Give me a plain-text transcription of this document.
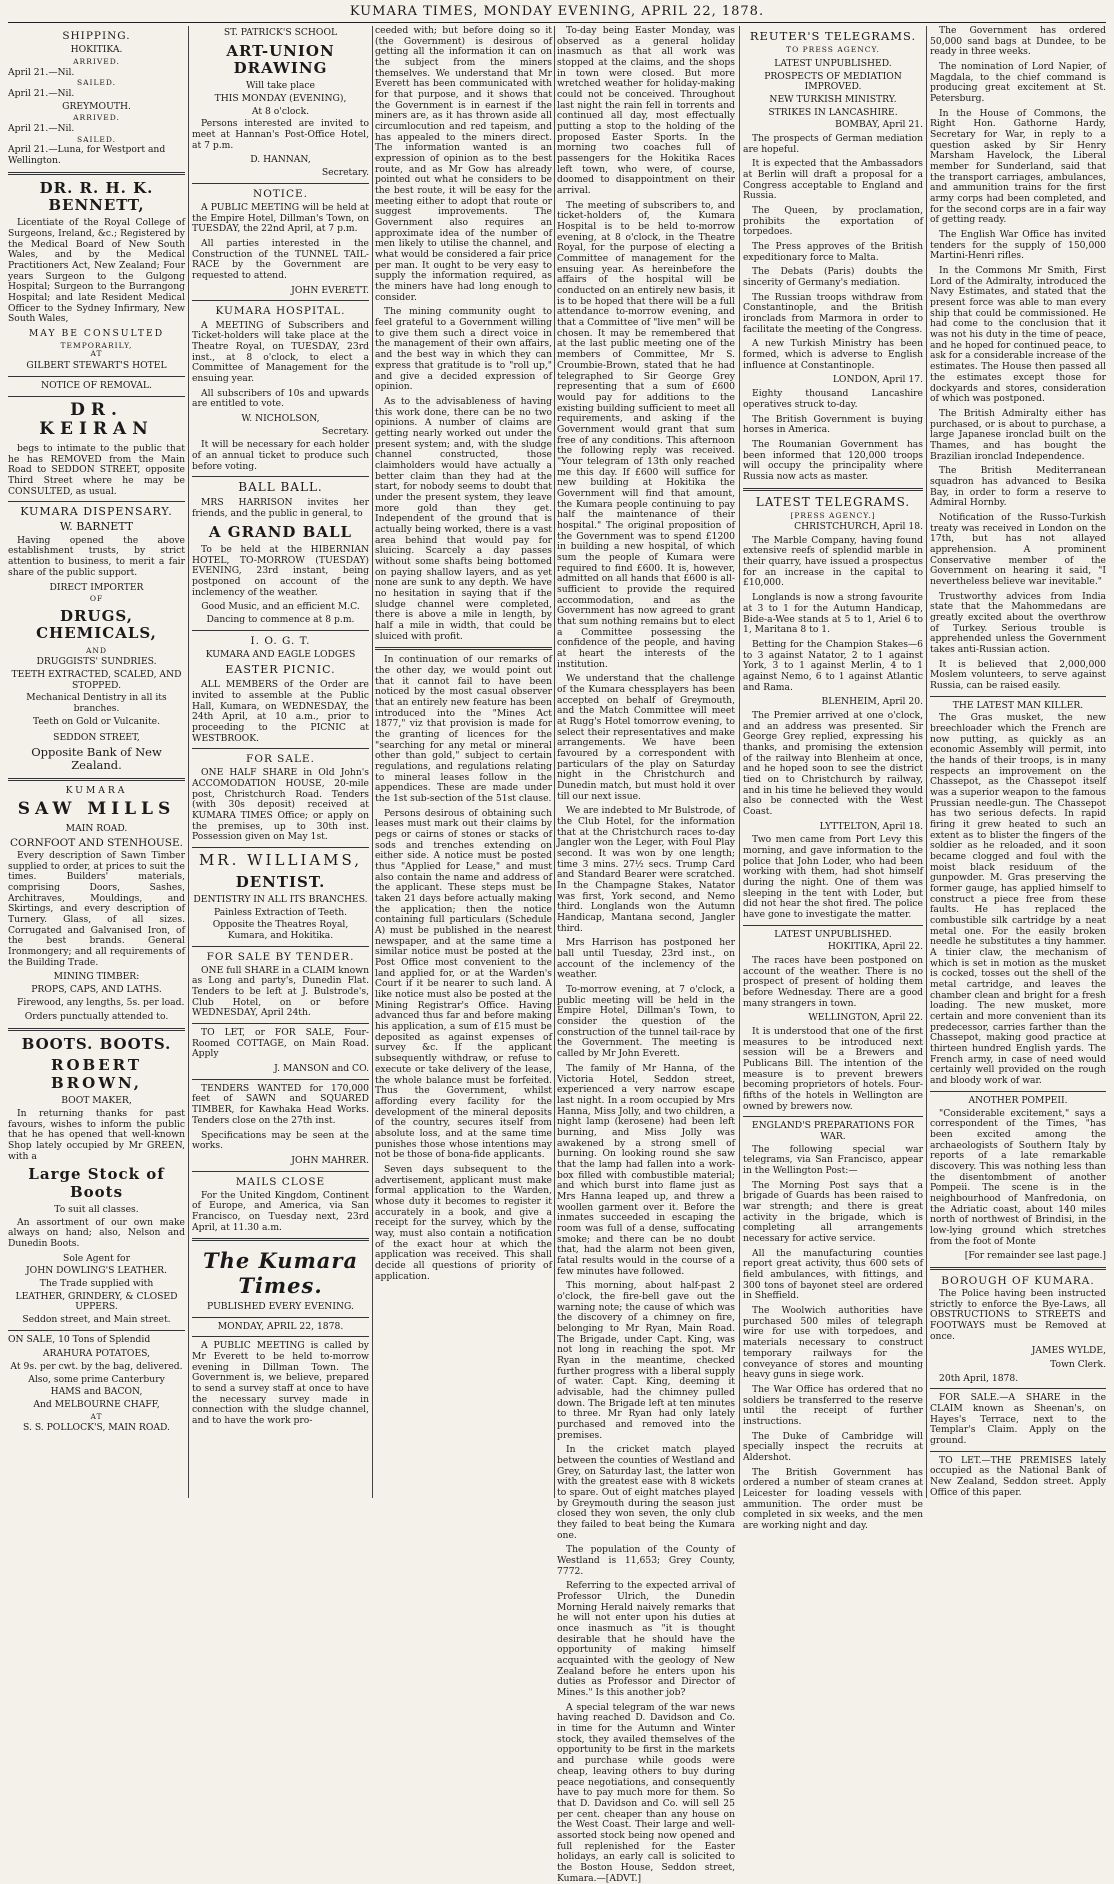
KUMARA TIMES, MONDAY EVENING, APRIL 22, 1878.
SHIPPING.
HOKITIKA.
ARRIVED.
April 21.—Nil.
SAILED.
April 21.—Nil.
GREYMOUTH.
ARRIVED.
April 21.—Nil.
SAILED.
April 21.—Luna, for Westport and Wellington.
DR. R. H. K. BENNETT,

Licentiate of the Royal College of Surgeons, Ireland, &c.; Registered by the Medical Board of New South Wales, and by the Medical Practitioners Act, New Zealand; Four years Surgeon to the Gulgong Hospital; Surgeon to the Burrangong Hospital; and late Resident Medical Officer to the Sydney Infirmary, New South Wales,

MAY BE CONSULTED
TEMPORARILY,
AT
GILBERT STEWART'S HOTEL
NOTICE OF REMOVAL.
DR. KEIRAN

begs to intimate to the public that he has REMOVED from the Main Road to SEDDON STREET, opposite Third Street where he may be CONSULTED, as usual.

KUMARA DISPENSARY.
W. BARNETT

Having opened the above establishment trusts, by strict attention to business, to merit a fair share of the public support.

DIRECT IMPORTER
OF
DRUGS, CHEMICALS,
AND
DRUGGISTS' SUNDRIES.
TEETH EXTRACTED, SCALED, AND STOPPED.
Mechanical Dentistry in all its branches.
Teeth on Gold or Vulcanite.
SEDDON STREET,
Opposite Bank of New Zealand.
KUMARA
SAW MILLS
MAIN ROAD.
CORNFOOT AND STENHOUSE.

Every description of Sawn Timber supplied to order, at prices to suit the times. Builders' materials, comprising Doors, Sashes, Architraves, Mouldings, and Skirtings, and every description of Turnery. Glass, of all sizes. Corrugated and Galvanised Iron, of the best brands. General Ironmongery; and all requirements of the Building Trade.

MINING TIMBER:
PROPS, CAPS, AND LATHS.

Firewood, any lengths, 5s. per load.

Orders punctually attended to.
BOOTS. BOOTS.
ROBERT BROWN,
BOOT MAKER,

In returning thanks for past favours, wishes to inform the public that he has opened that well-known Shop lately occupied by Mr GREEN, with a

Large Stock of Boots
To suit all classes.

An assortment of our own make always on hand; also, Nelson and Dunedin Boots.

Sole Agent for
JOHN DOWLING'S LEATHER.
The Trade supplied with
LEATHER, GRINDERY, & CLOSED UPPERS.
Seddon street, and Main street.

ON SALE, 10 Tons of Splendid

ARAHURA POTATOES,
At 9s. per cwt. by the bag, delivered.
Also, some prime Canterbury
HAMS and BACON,
And MELBOURNE CHAFF,
AT
S. S. POLLOCK'S, MAIN ROAD.
ST. PATRICK'S SCHOOL
ART-UNION DRAWING
Will take place
THIS MONDAY (EVENING),
At 8 o'clock.

Persons interested are invited to meet at Hannan's Post-Office Hotel, at 7 p.m.

D. HANNAN,
Secretary.
NOTICE.

A PUBLIC MEETING will be held at the Empire Hotel, Dillman's Town, on TUESDAY, the 22nd April, at 7 p.m.

All parties interested in the Construction of the TUNNEL TAIL-RACE by the Government are requested to attend.

JOHN EVERETT.
KUMARA HOSPITAL.

A MEETING of Subscribers and Ticket-holders will take place at the Theatre Royal, on TUESDAY, 23rd inst., at 8 o'clock, to elect a Committee of Management for the ensuing year.

All subscribers of 10s and upwards are entitled to vote.

W. NICHOLSON,
Secretary.

It will be necessary for each holder of an annual ticket to produce such before voting.

BALL BALL.

MRS HARRISON invites her friends, and the public in general, to

A GRAND BALL

To be held at the HIBERNIAN HOTEL, TO-MORROW (TUESDAY) EVENING, 23rd instant, being postponed on account of the inclemency of the weather.

Good Music, and an efficient M.C.
Dancing to commence at 8 p.m.
I. O. G. T.
KUMARA AND EAGLE LODGES
EASTER PICNIC.

ALL MEMBERS of the Order are invited to assemble at the Public Hall, Kumara, on WEDNESDAY, the 24th April, at 10 a.m., prior to proceeding to the PICNIC at WESTBROOK.

FOR SALE.

ONE HALF SHARE in Old John's ACCOMODATION HOUSE, 20-mile post, Christchurch Road. Tenders (with 30s deposit) received at KUMARA TIMES Office; or apply on the premises, up to 30th inst. Possession given on May 1st.

MR. WILLIAMS,
DENTIST.
DENTISTRY IN ALL ITS BRANCHES.
Painless Extraction of Teeth.
Opposite the Theatres Royal, Kumara, and Hokitika.
FOR SALE BY TENDER.

ONE full SHARE in a CLAIM known as Long and party's, Dunedin Flat. Tenders to be left at J. Bulstrode's, Club Hotel, on or before WEDNESDAY, April 24th.

TO LET, or FOR SALE, Four-Roomed COTTAGE, on Main Road. Apply

J. MANSON and CO.

TENDERS WANTED for 170,000 feet of SAWN and SQUARED TIMBER, for Kawhaka Head Works. Tenders close on the 27th inst.

Specifications may be seen at the works.

JOHN MAHRER.
MAILS CLOSE

For the United Kingdom, Continent of Europe, and America, via San Francisco, on Tuesday next, 23rd April, at 11.30 a.m.

The Kumara Times.
PUBLISHED EVERY EVENING.
MONDAY, APRIL 22, 1878.

A PUBLIC MEETING is called by Mr Everett to be held to-morrow evening in Dillman Town. The Government is, we believe, prepared to send a survey staff at once to have the necessary survey made in connection with the sludge channel, and to have the work pro-

ceeded with; but before doing so it (the Government) is desirous of getting all the information it can on the subject from the miners themselves. We understand that Mr Everett has been communicated with for that purpose, and it shows that the Government is in earnest if the miners are, as it has thrown aside all circumlocution and red tapeism, and has appealed to the miners direct. The information wanted is an expression of opinion as to the best route, and as Mr Gow has already pointed out what he considers to be the best route, it will be easy for the meeting either to adopt that route or suggest improvements. The Government also requires an approximate idea of the number of men likely to utilise the channel, and what would be considered a fair price per man. It ought to be very easy to supply the information required, as the miners have had long enough to consider.

The mining community ought to feel grateful to a Government willing to give them such a direct voice in the management of their own affairs, and the best way in which they can express that gratitude is to "roll up," and give a decided expression of opinion.

As to the advisableness of having this work done, there can be no two opinions. A number of claims are getting nearly worked out under the present system; and, with the sludge channel constructed, those claimholders would have actually a better claim than they had at the start, for nobody seems to doubt that under the present system, they leave more gold than they get. Independent of the ground that is actually being worked, there is a vast area behind that would pay for sluicing. Scarcely a day passes without some shafts being bottomed on paying shallow layers, and as yet none are sunk to any depth. We have no hesitation in saying that if the sludge channel were completed, there is above a mile in length, by half a mile in width, that could be sluiced with profit.

In continuation of our remarks of the other day, we would point out that it cannot fail to have been noticed by the most casual observer that an entirely new feature has been introduced into the "Mines Act 1877," viz that provision is made for the granting of licences for the "searching for any metal or mineral other than gold," subject to certain regulations, and regulations relating to mineral leases follow in the appendices. These are made under the 1st sub-section of the 51st clause.

Persons desirous of obtaining such leases must mark out their claims by pegs or cairns of stones or stacks of sods and trenches extending on either side. A notice must be posted thus "Applied for Lease," and must also contain the name and address of the applicant. These steps must be taken 21 days before actually making the application; then the notice containing full particulars (Schedule A) must be published in the nearest newspaper, and at the same time a similar notice must be posted at the Post Office most convenient to the land applied for, or at the Warden's Court if it be nearer to such land. A like notice must also be posted at the Mining Registrar's Office. Having advanced thus far and before making his application, a sum of £15 must be deposited as against expenses of survey &c. If the applicant subsequently withdraw, or refuse to execute or take delivery of the lease, the whole balance must be forfeited. Thus the Government, whilst affording every facility for the development of the mineral deposits of the country, secures itself from absolute loss, and at the same time punishes those whose intentions may not be those of bona-fide applicants.

Seven days subsequent to the advertisement, applicant must make formal application to the Warden, whose duty it becomes to register it accurately in a book, and give a receipt for the survey, which by the way, must also contain a notification of the exact hour at which the application was received. This shall decide all questions of priority of application.

To-day being Easter Monday, was observed as a general holiday inasmuch as that all work was stopped at the claims, and the shops in town were closed. But more wretched weather for holiday-making could not be conceived. Throughout last night the rain fell in torrents and continued all day, most effectually putting a stop to the holding of the proposed Easter Sports. In the morning two coaches full of passengers for the Hokitika Races left town, who were, of course, doomed to disappointment on their arrival.

The meeting of subscribers to, and ticket-holders of, the Kumara Hospital is to be held to-morrow evening, at 8 o'clock, in the Theatre Royal, for the purpose of electing a Committee of management for the ensuing year. As hereinbefore the affairs of the hospital will be conducted on an entirely new basis, it is to be hoped that there will be a full attendance to-morrow evening, and that a Committee of "live men" will be chosen. It may be remembered that at the last public meeting one of the members of Committee, Mr S. Croumbie-Brown, stated that he had telegraphed to Sir George Grey representing that a sum of £600 would pay for additions to the existing building sufficient to meet all requirements, and asking if the Government would grant that sum free of any conditions. This afternoon the following reply was received. "Your telegram of 13th only reached me this day. If £600 will suffice for new building at Hokitika the Government will find that amount, the Kumara people continuing to pay half the maintenance of their hospital." The original proposition of the Government was to spend £1200 in building a new hospital, of which sum the people of Kumara were required to find £600. It is, however, admitted on all hands that £600 is all-sufficient to provide the required accommodation, and as the Government has now agreed to grant that sum nothing remains but to elect a Committee possessing the confidence of the people, and having at heart the interests of the institution.

We understand that the challenge of the Kumara chessplayers has been accepted on behalf of Greymouth, and the Match Committee will meet at Rugg's Hotel tomorrow evening, to select their representatives and make arrangements. We have been favoured by a correspondent with particulars of the play on Saturday night in the Christchurch and Dunedin match, but must hold it over till our next issue.

We are indebted to Mr Bulstrode, of the Club Hotel, for the information that at the Christchurch races to-day Jangler won the Leger, with Foul Play second. It was won by one length; time 3 mins. 27½ secs. Trump Card and Standard Bearer were scratched. In the Champagne Stakes, Natator was first, York second, and Nemo third. Longlands won the Autumn Handicap, Mantana second, Jangler third.

Mrs Harrison has postponed her ball until Tuesday, 23rd inst., on account of the inclemency of the weather.

To-morrow evening, at 7 o'clock, a public meeting will be held in the Empire Hotel, Dillman's Town, to consider the question of the construction of the tunnel tail-race by the Government. The meeting is called by Mr John Everett.

The family of Mr Hanna, of the Victoria Hotel, Seddon street, experienced a very narrow escape last night. In a room occupied by Mrs Hanna, Miss Jolly, and two children, a night lamp (kerosene) had been left burning, and Miss Jolly was awakened by a strong smell of burning. On looking round she saw that the lamp had fallen into a work-box filled with combustible material; and which burst into flame just as Mrs Hanna leaped up, and threw a woollen garment over it. Before the inmates succeeded in escaping the room was full of a dense, suffocating smoke; and there can be no doubt that, had the alarm not been given, fatal results would in the course of a few minutes have followed.

This morning, about half-past 2 o'clock, the fire-bell gave out the warning note; the cause of which was the discovery of a chimney on fire, belonging to Mr Ryan, Main Road. The Brigade, under Capt. King, was not long in reaching the spot. Mr Ryan in the meantime, checked further progress with a liberal supply of water. Capt. King, deeming it advisable, had the chimney pulled down. The Brigade left at ten minutes to three. Mr Ryan had only lately purchased and removed into the premises.

In the cricket match played between the counties of Westland and Grey, on Saturday last, the latter won with the greatest ease with 8 wickets to spare. Out of eight matches played by Greymouth during the season just closed they won seven, the only club they failed to beat being the Kumara one.

The population of the County of Westland is 11,653; Grey County, 7772.

Referring to the expected arrival of Professor Ulrich, the Dunedin Morning Herald naively remarks that he will not enter upon his duties at once inasmuch as "it is thought desirable that he should have the opportunity of making himself acquainted with the geology of New Zealand before he enters upon his duties as Professor and Director of Mines." Is this another job?

A special telegram of the war news having reached D. Davidson and Co. in time for the Autumn and Winter stock, they availed themselves of the opportunity to be first in the markets and purchase while goods were cheap, leaving others to buy during peace negotiations, and consequently have to pay much more for them. So that D. Davidson and Co. will sell 25 per cent. cheaper than any house on the West Coast. Their large and well-assorted stock being now opened and full replenished for the Easter holidays, an early call is solicited to the Boston House, Seddon street, Kumara.—[ADVT.]

REUTER'S TELEGRAMS.
TO PRESS AGENCY.
LATEST UNPUBLISHED.
PROSPECTS OF MEDIATION IMPROVED.
NEW TURKISH MINISTRY.
STRIKES IN LANCASHIRE.
BOMBAY, April 21.

The prospects of German mediation are hopeful.

It is expected that the Ambassadors at Berlin will draft a proposal for a Congress acceptable to England and Russia.

The Queen, by proclamation, prohibits the exportation of torpedoes.

The Press approves of the British expeditionary force to Malta.

The Debats (Paris) doubts the sincerity of Germany's mediation.

The Russian troops withdraw from Constantinople, and the British ironclads from Marmora in order to facilitate the meeting of the Congress.

A new Turkish Ministry has been formed, which is adverse to English influence at Constantinople.

LONDON, April 17.

Eighty thousand Lancashire operatives struck to-day.

The British Government is buying horses in America.

The Roumanian Government has been informed that 120,000 troops will occupy the principality where Russia now acts as master.

LATEST TELEGRAMS.
[PRESS AGENCY.]
CHRISTCHURCH, April 18.

The Marble Company, having found extensive reefs of splendid marble in their quarry, have issued a prospectus for an increase in the capital to £10,000.

Longlands is now a strong favourite at 3 to 1 for the Autumn Handicap, Bide-a-Wee stands at 5 to 1, Ariel 6 to 1, Maritana 8 to 1.

Betting for the Champion Stakes—6 to 3 against Natator, 2 to 1 against York, 3 to 1 against Merlin, 4 to 1 against Nemo, 6 to 1 against Atlantic and Rama.

BLENHEIM, April 20.

The Premier arrived at one o'clock, and an address was presented. Sir George Grey replied, expressing his thanks, and promising the extension of the railway into Blenheim at once, and he hoped soon to see the district tied on to Christchurch by railway, and in his time he believed they would also be connected with the West Coast.

LYTTELTON, April 18.

Two men came from Port Levy this morning, and gave information to the police that John Loder, who had been working with them, had shot himself during the night. One of them was sleeping in the tent with Loder, but did not hear the shot fired. The police have gone to investigate the matter.

LATEST UNPUBLISHED.
HOKITIKA, April 22.

The races have been postponed on account of the weather. There is no prospect of present of holding them before Wednesday. There are a good many strangers in town.

WELLINGTON, April 22.

It is understood that one of the first measures to be introduced next session will be a Brewers and Publicans Bill. The intention of the measure is to prevent brewers becoming proprietors of hotels. Four-fifths of the hotels in Wellington are owned by brewers now.

ENGLAND'S PREPARATIONS FOR WAR.

The following special war telegrams, via San Francisco, appear in the Wellington Post:—

The Morning Post says that a brigade of Guards has been raised to war strength; and there is great activity in the brigade, which is completing all arrangements necessary for active service.

All the manufacturing counties report great activity, thus 600 sets of field ambulances, with fittings, and 300 tons of bayonet steel are ordered in Sheffield.

The Woolwich authorities have purchased 500 miles of telegraph wire for use with torpedoes, and materials necessary to construct temporary railways for the conveyance of stores and mounting heavy guns in siege work.

The War Office has ordered that no soldiers be transferred to the reserve until the receipt of further instructions.

The Duke of Cambridge will specially inspect the recruits at Aldershot.

The British Government has ordered a number of steam cranes at Leicester for loading vessels with ammunition. The order must be completed in six weeks, and the men are working night and day.

The Government has ordered 50,000 sand bags at Dundee, to be ready in three weeks.

The nomination of Lord Napier, of Magdala, to the chief command is producing great excitement at St. Petersburg.

In the House of Commons, the Right Hon. Gathorne Hardy, Secretary for War, in reply to a question asked by Sir Henry Marsham Havelock, the Liberal member for Sunderland, said that the transport carriages, ambulances, and ammunition trains for the first army corps had been completed, and for the second corps are in a fair way of getting ready.

The English War Office has invited tenders for the supply of 150,000 Martini-Henri rifles.

In the Commons Mr Smith, First Lord of the Admiralty, introduced the Navy Estimates, and stated that the present force was able to man every ship that could be commissioned. He had come to the conclusion that it was not his duty in the time of peace, and he hoped for continued peace, to ask for a considerable increase of the estimates. The House then passed all the estimates except those for dockyards and stores, consideration of which was postponed.

The British Admiralty either has purchased, or is about to purchase, a large Japanese ironclad built on the Thames, and has bought the Brazilian ironclad Independence.

The British Mediterranean squadron has advanced to Besika Bay, in order to form a reserve to Admiral Hornby.

Notification of the Russo-Turkish treaty was received in London on the 17th, but has not allayed apprehension. A prominent Conservative member of the Government on hearing it said, "I nevertheless believe war inevitable."

Trustworthy advices from India state that the Mahommedans are greatly excited about the overthrow of Turkey. Serious trouble is apprehended unless the Government takes anti-Russian action.

It is believed that 2,000,000 Moslem volunteers, to serve against Russia, can be raised easily.

THE LATEST MAN KILLER.

The Gras musket, the new breechloader which the French are now putting, as quickly as an economic Assembly will permit, into the hands of their troops, is in many respects an improvement on the Chassepot, as the Chassepot itself was a superior weapon to the famous Prussian needle-gun. The Chassepot has two serious defects. In rapid firing it grew heated to such an extent as to blister the fingers of the soldier as he reloaded, and it soon became clogged and foul with the moist black residuum of the gunpowder. M. Gras preserving the former gauge, has applied himself to construct a piece free from these faults. He has replaced the combustible silk cartridge by a neat metal one. For the easily broken needle he substitutes a tiny hammer. A tinier claw, the mechanism of which is set in motion as the musket is cocked, tosses out the shell of the metal cartridge, and leaves the chamber clean and bright for a fresh loading. The new musket, more certain and more convenient than its predecessor, carries farther than the Chassepot, making good practice at thirteen hundred English yards. The French army, in case of need would certainly well provided on the rough and bloody work of war.

ANOTHER POMPEII.

"Considerable excitement," says a correspondent of the Times, "has been excited among the archaeologists of Southern Italy by reports of a late remarkable discovery. This was nothing less than the disentombment of another Pompeii. The scene is in the neighbourhood of Manfredonia, on the Adriatic coast, about 140 miles north of northwest of Brindisi, in the low-lying ground which stretches from the foot of Monte

[For remainder see last page.]
BOROUGH OF KUMARA.

The Police having been instructed strictly to enforce the Bye-Laws, all OBSTRUCTIONS to STREETS and FOOTWAYS must be Removed at once.

JAMES WYLDE,
Town Clerk.

20th April, 1878.

FOR SALE.—A SHARE in the CLAIM known as Sheenan's, on Hayes's Terrace, next to the Templar's Claim. Apply on the ground.

TO LET.—THE PREMISES lately occupied as the National Bank of New Zealand, Seddon street. Apply Office of this paper.
